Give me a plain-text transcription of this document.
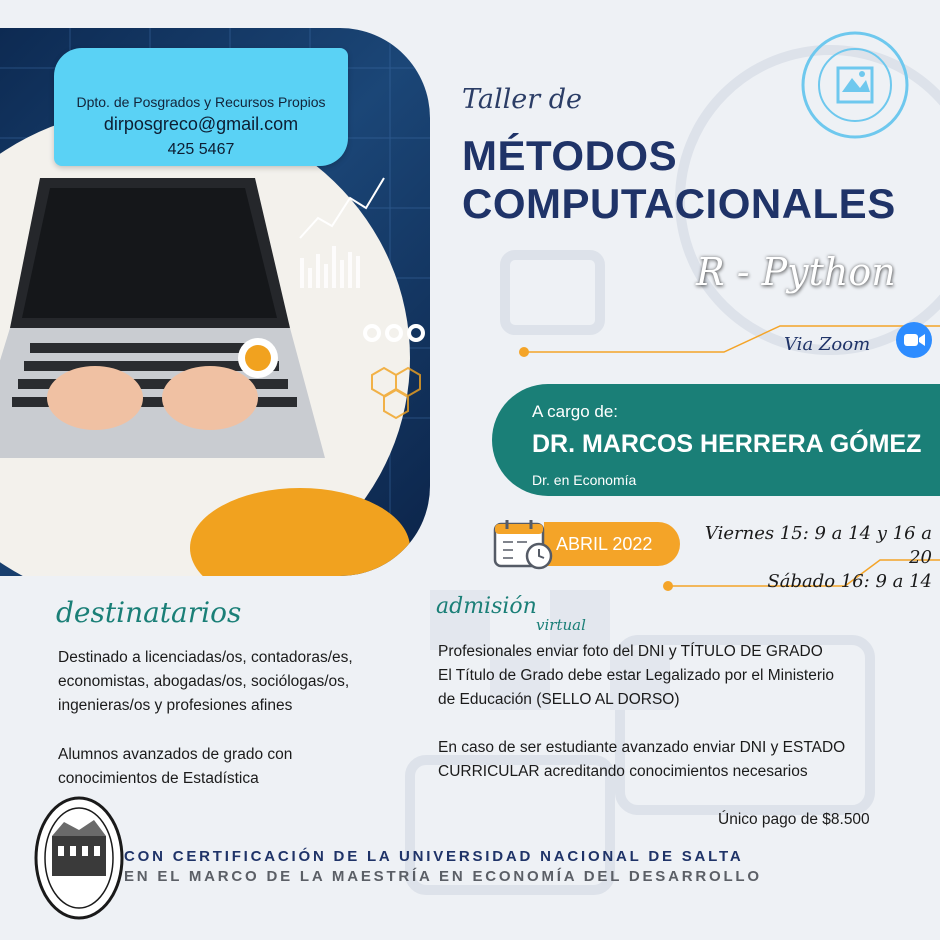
Dpto. de Posgrados y Recursos Propios
dirposgreco@gmail.com
425 5467
Taller de
MÉTODOS
COMPUTACIONALES
R - Python
Via Zoom
A cargo de:
DR. MARCOS HERRERA GÓMEZ
Dr. en Economía
ABRIL 2022	Viernes 15: 9 a 14 y 16 a 20
Sábado 16: 9 a 14
destinatarios
Destinado a licenciadas/os, contadoras/es,
economistas, abogadas/os, sociólogas/os,
ingenieras/os y profesiones afines
Alumnos avanzados de grado con
conocimientos de Estadística
admisión
virtual
Profesionales enviar foto del DNI y TÍTULO DE GRADO
El Título de Grado debe estar Legalizado por el Ministerio
de Educación (SELLO AL DORSO)
En caso de ser estudiante avanzado enviar DNI y ESTADO
CURRICULAR acreditando conocimientos necesarios
Único pago de $8.500
CON CERTIFICACIÓN DE LA UNIVERSIDAD NACIONAL DE SALTA
EN EL MARCO DE LA MAESTRÍA EN ECONOMÍA DEL DESARROLLO
